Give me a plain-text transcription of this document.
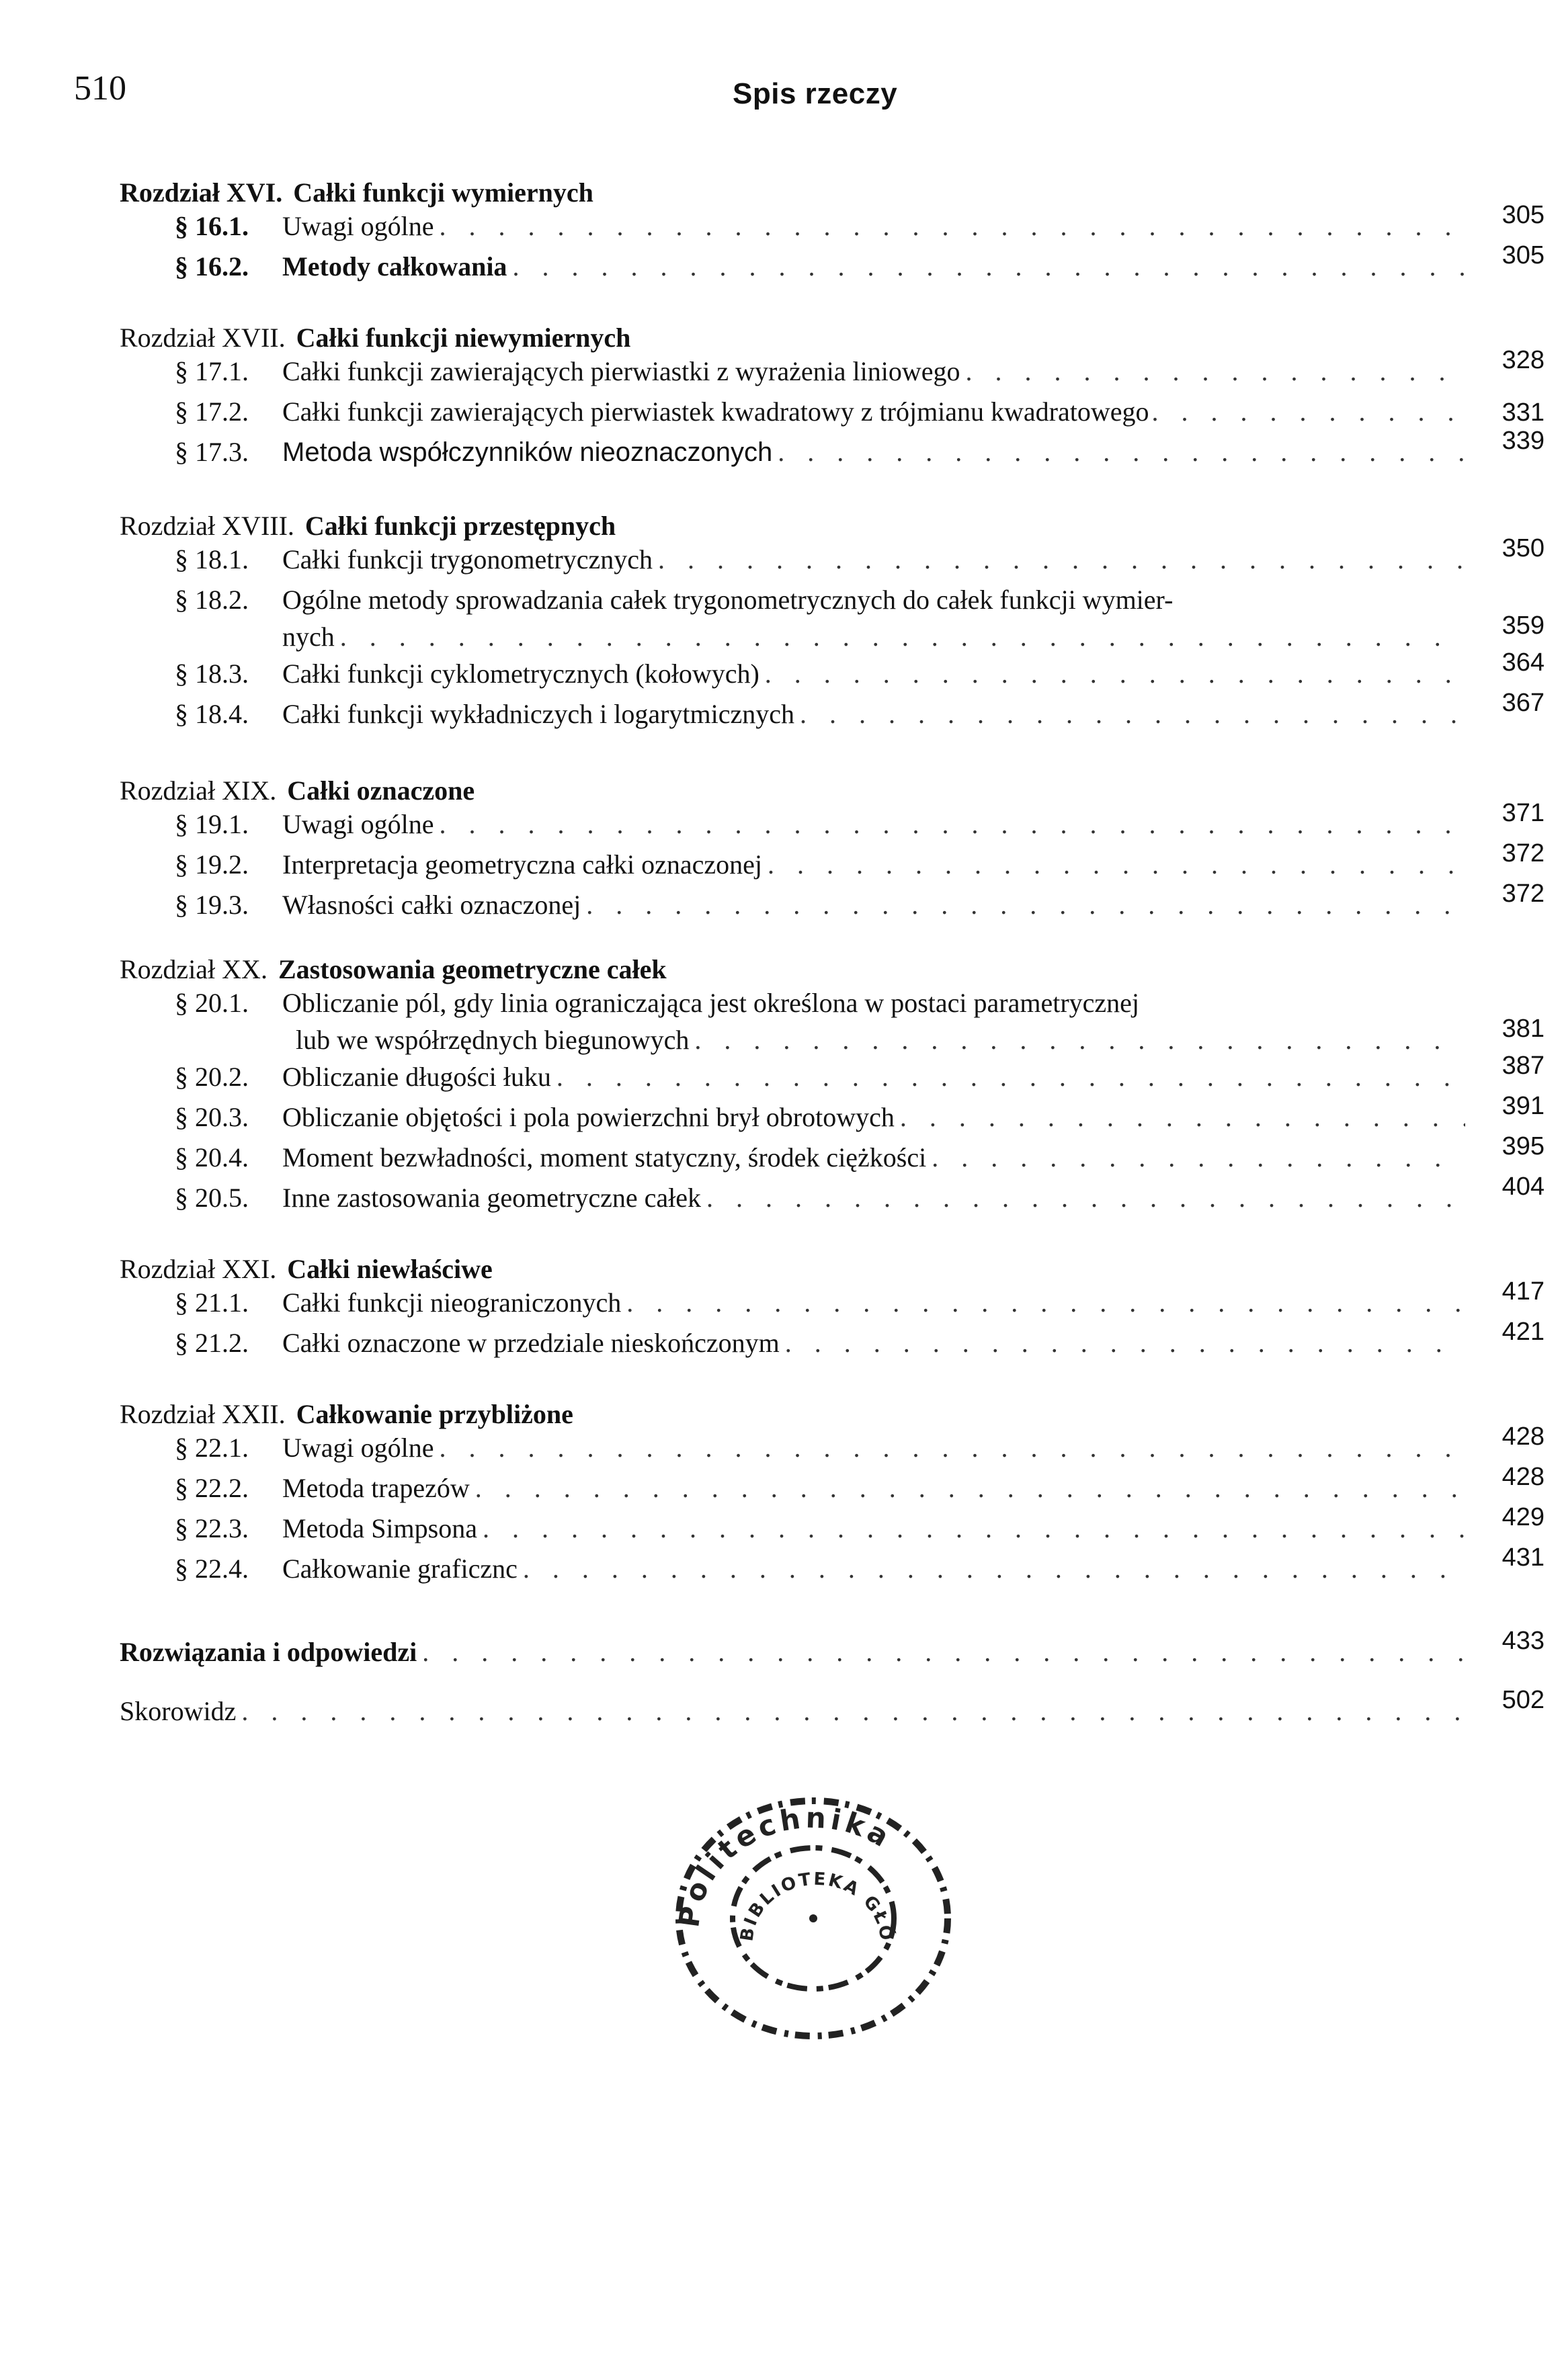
510	Spis rzeczy
Rozdział XVI. Całki funkcji wymiernych
§ 16.1.	Uwagi ogólne . . .	305
§ 16.2.	Metody całkowania . . .	305
Rozdział XVII. Całki funkcji niewymiernych
§ 17.1.	Całki funkcji zawierających pierwiastki z wyrażenia liniowego . . .	328
§ 17.2.	Całki funkcji zawierających pierwiastek kwadratowy z trójmianu kwadratowego . . .	331
§ 17.3.	Metoda współczynników nieoznaczonych . . .	339
Rozdział XVIII. Całki funkcji przestępnych
§ 18.1.	Całki funkcji trygonometrycznych . . .	350
§ 18.2.	Ogólne metody sprowadzania całek trygonometrycznych do całek funkcji wymier-
nych . . .	359
§ 18.3.	Całki funkcji cyklometrycznych (kołowych) . . .	364
§ 18.4.	Całki funkcji wykładniczych i logarytmicznych . . .	367
Rozdział XIX. Całki oznaczone
§ 19.1.	Uwagi ogólne . . .	371
§ 19.2.	Interpretacja geometryczna całki oznaczonej . . .	372
§ 19.3.	Własności całki oznaczonej . . .	372
Rozdział XX. Zastosowania geometryczne całek
§ 20.1.	Obliczanie pól, gdy linia ograniczająca jest określona w postaci parametrycznej
lub we współrzędnych biegunowych . . .	381
§ 20.2.	Obliczanie długości łuku . . .	387
§ 20.3.	Obliczanie objętości i pola powierzchni brył obrotowych . . .	391
§ 20.4.	Moment bezwładności, moment statyczny, środek ciężkości . . .	395
§ 20.5.	Inne zastosowania geometryczne całek . . .	404
Rozdział XXI. Całki niewłaściwe
§ 21.1.	Całki funkcji nieograniczonych . . .	417
§ 21.2.	Całki oznaczone w przedziale nieskończonym . . .	421
Rozdział XXII. Całkowanie przybliżone
§ 22.1.	Uwagi ogólne . . .	428
§ 22.2.	Metoda trapezów . . .	428
§ 22.3.	Metoda Simpsona . . .	429
§ 22.4.	Całkowanie graficznc . . .	431
Rozwiązania i odpowiedzi . . .	433
Skorowidz . . .	502
Politechnika
BIBLIOTEKA GŁÓ
